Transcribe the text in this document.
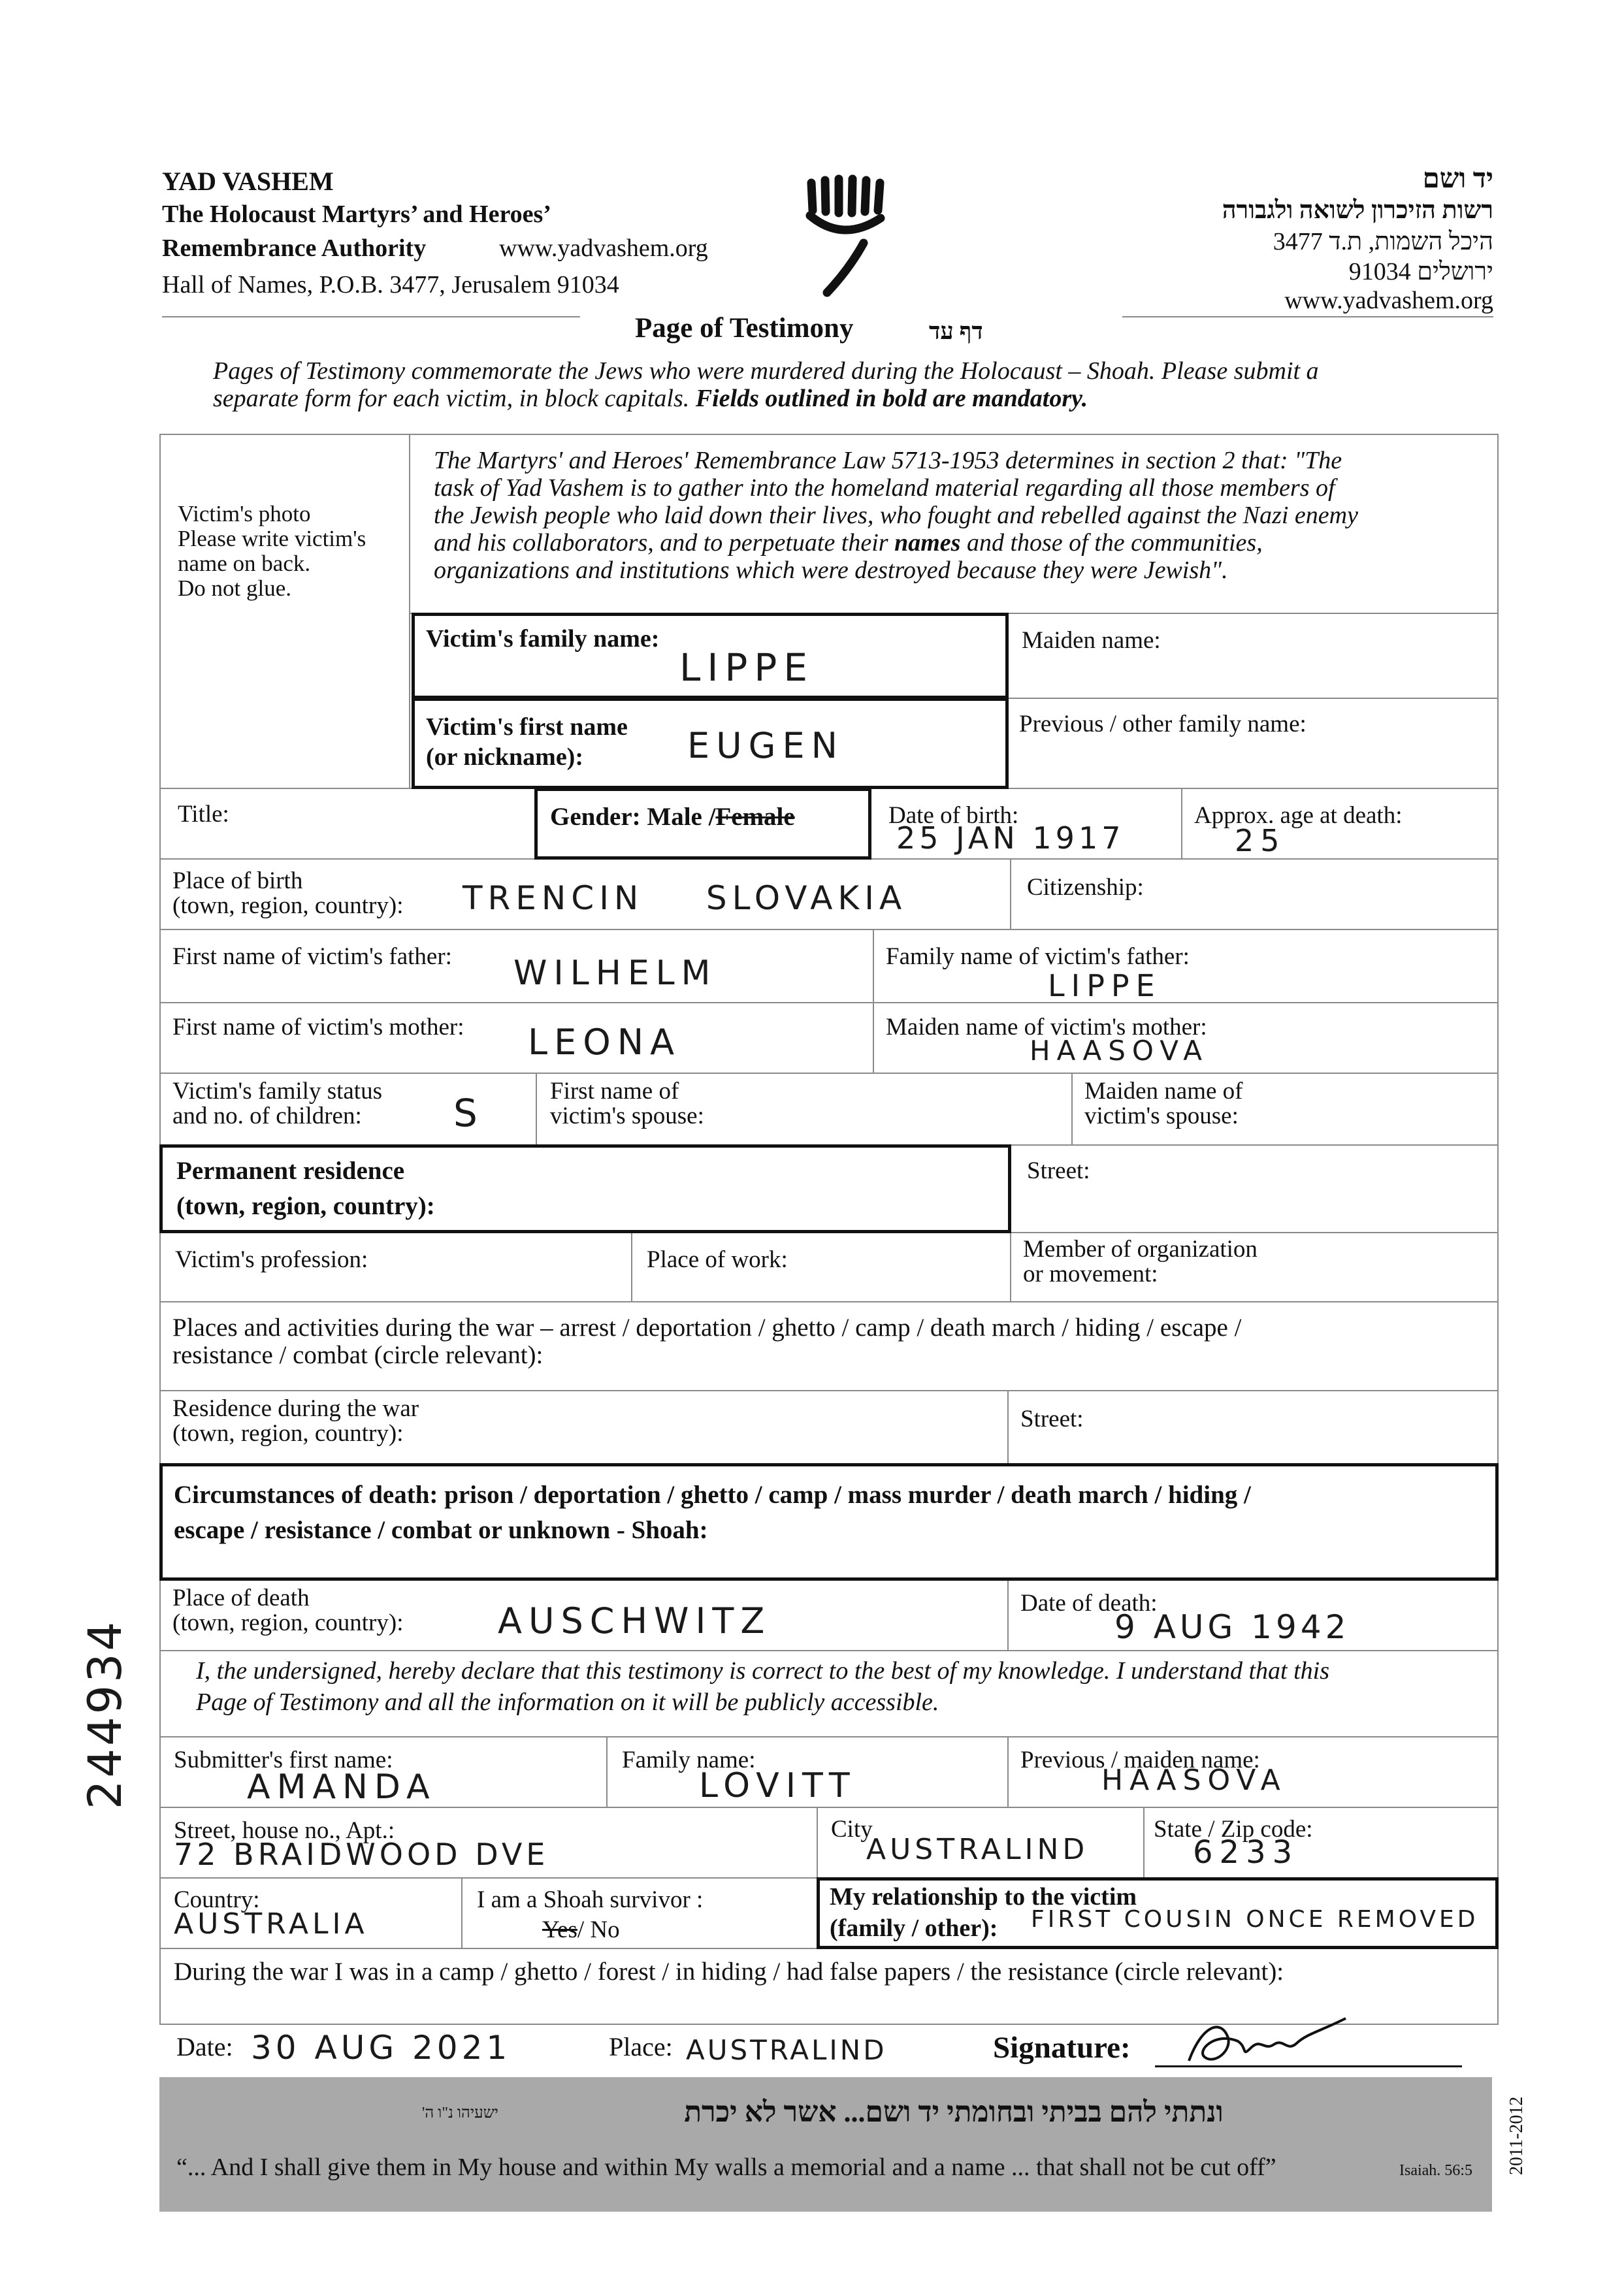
YAD VASHEM
The Holocaust Martyrs’ and Heroes’
Remembrance Authority	www.yadvashem.org
Hall of Names, P.O.B. 3477, Jerusalem 91034
יד ושם
רשות הזיכרון לשואה ולגבורה
היכל השמות, ת.ד 3477
ירושלים 91034
www.yadvashem.org
Page of Testimony	דף עד
Pages of Testimony commemorate the Jews who were murdered during the Holocaust – Shoah. Please submit a
separate form for each victim, in block capitals. Fields outlined in bold are mandatory.
Victim's photo
Please write victim's
name on back.
Do not glue.
The Martyrs' and Heroes' Remembrance Law 5713-1953 determines in section 2 that: "The
task of Yad Vashem is to gather into the homeland material regarding all those members of
the Jewish people who laid down their lives, who fought and rebelled against the Nazi enemy
and his collaborators, and to perpetuate their names and those of the communities,
organizations and institutions which were destroyed because they were Jewish".
Victim's family name:
LIPPE
Maiden name:
Victim's first name
(or nickname):	EUGEN
Previous / other family name:
Title:	Gender: Male /Female	Date of birth:
25 JAN 1917
Approx. age at death:
25
Place of birth
(town, region, country): TRENCIN    SLOVAKIA	Citizenship:
First name of victim's father: WILHELM	Family name of victim's father:
LIPPE
First name of victim's mother: LEONA	Maiden name of victim's mother:
HAASOVA
Victim's family status
and no. of children:	S	First name of
victim's spouse:
Maiden name of
victim's spouse:
Permanent residence
(town, region, country):
Street:
Victim's profession:	Place of work:	Member of organization
or movement:
Places and activities during the war – arrest / deportation / ghetto / camp / death march / hiding / escape /
resistance / combat (circle relevant):
Residence during the war
(town, region, country):
Street:
Circumstances of death: prison / deportation / ghetto / camp / mass murder / death march / hiding /
escape / resistance / combat or unknown - Shoah:
Place of death
(town, region, country):	AUSCHWITZ	Date of death:
9 AUG 1942
I, the undersigned, hereby declare that this testimony is correct to the best of my knowledge. I understand that this
Page of Testimony and all the information on it will be publicly accessible.
Submitter's first name:
AMANDA
Family name:
LOVITT
Previous / maiden name:
HAASOVA
Street, house no., Apt.:
72 BRAIDWOOD DVE
City
AUSTRALIND
State / Zip code:
6233
Country:
AUSTRALIA
I am a Shoah survivor :
Yes/ No
My relationship to the victim
(family / other):	FIRST COUSIN ONCE REMOVED
During the war I was in a camp / ghetto / forest / in hiding / had false papers / the resistance (circle relevant):
Date: 30 AUG 2021	Place: AUSTRALIND	Signature:
ונתתי להם בביתי ובחומתי יד ושם... אשר לא יכרת
ישעיהו נ"ו ה'
“... And I shall give them in My house and within My walls a memorial and a name ... that shall not be cut off”	Isaiah. 56:5 2011-2012
244934
